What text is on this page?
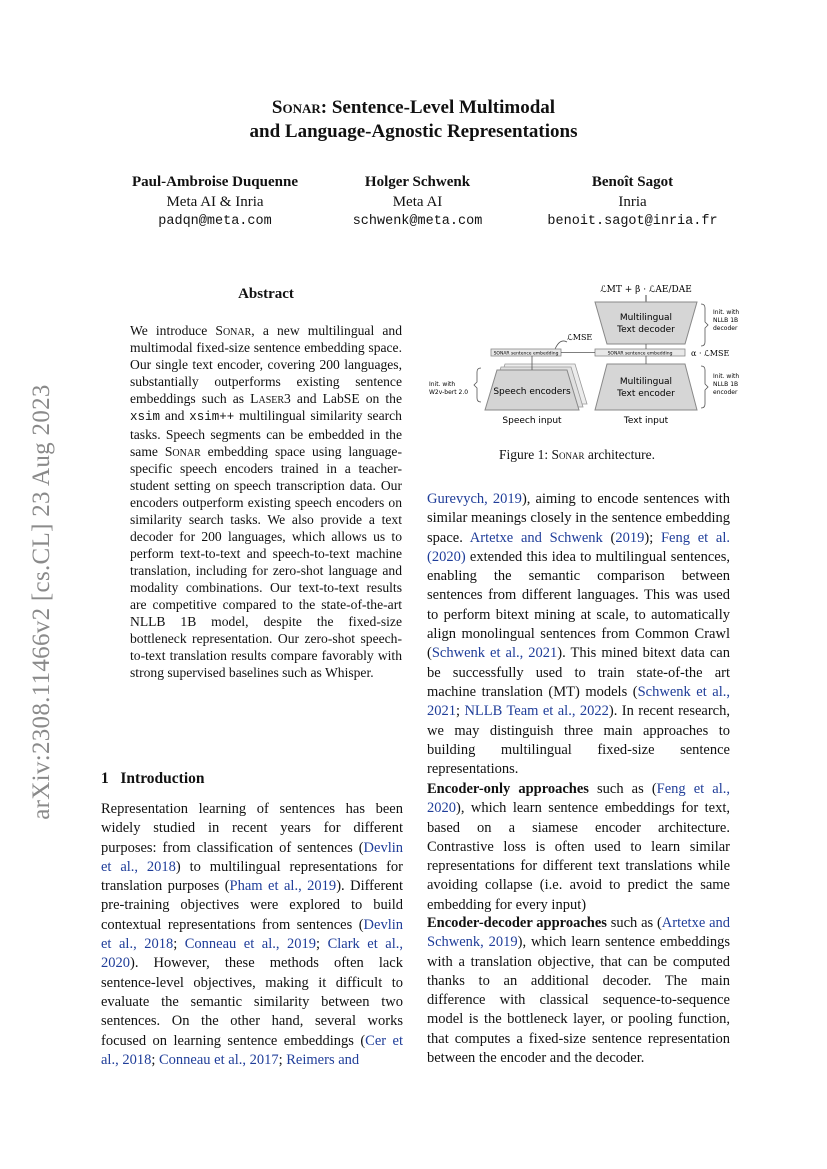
arXiv:2308.11466v2 [cs.CL] 23 Aug 2023
Sonar: Sentence-Level Multimodal
and Language-Agnostic Representations
Paul-Ambroise Duquenne
Meta AI & Inria
padqn@meta.com
Holger Schwenk
Meta AI
schwenk@meta.com
Benoît Sagot
Inria
benoit.sagot@inria.fr
Abstract
We introduce Sonar, a new multilingual and multimodal fixed-size sentence embedding space. Our single text encoder, covering 200 languages, substantially outperforms existing sentence embeddings such as Laser3 and LabSE on the xsim and xsim++ multilingual similarity search tasks. Speech segments can be embedded in the same Sonar embedding space using language-specific speech encoders trained in a teacher-student setting on speech transcription data. Our encoders outperform existing speech encoders on similarity search tasks. We also provide a text decoder for 200 languages, which allows us to perform text-to-text and speech-to-text machine translation, including for zero-shot language and modality combinations. Our text-to-text results are competitive compared to the state-of-the-art NLLB 1B model, despite the fixed-size bottleneck representation. Our zero-shot speech-to-text translation results compare favorably with strong supervised baselines such as Whisper.
1 Introduction
Representation learning of sentences has been widely studied in recent years for different purposes: from classification of sentences (Devlin et al., 2018) to multilingual representations for translation purposes (Pham et al., 2019). Different pre-training objectives were explored to build contextual representations from sentences (Devlin et al., 2018; Conneau et al., 2019; Clark et al., 2020). However, these methods often lack sentence-level objectives, making it difficult to evaluate the semantic similarity between two sentences. On the other hand, several works focused on learning sentence embeddings (Cer et al., 2018; Conneau et al., 2017; Reimers and
ℒMT + β · ℒAE/DAE
Multilingual
Text decoder
Init. with
NLLB 1B
decoder
ℒMSE
SONAR sentence embedding	SONAR sentence embedding α · ℒMSE
Speech encoders
Multilingual
Text encoder
Init. with
W2v-bert 2.0
Init. with
NLLB 1B
encoder
Speech input	Text input
Figure 1: Sonar architecture.
Gurevych, 2019), aiming to encode sentences with similar meanings closely in the sentence embedding space. Artetxe and Schwenk (2019); Feng et al. (2020) extended this idea to multilingual sentences, enabling the semantic comparison between sentences from different languages. This was used to perform bitext mining at scale, to automatically align monolingual sentences from Common Crawl (Schwenk et al., 2021). This mined bitext data can be successfully used to train state-of-the art machine translation (MT) models (Schwenk et al., 2021; NLLB Team et al., 2022). In recent research, we may distinguish three main approaches to building multilingual fixed-size sentence representations.
Encoder-only approaches such as (Feng et al., 2020), which learn sentence embeddings for text, based on a siamese encoder architecture. Contrastive loss is often used to learn similar representations for different text translations while avoiding collapse (i.e. avoid to predict the same embedding for every input)
Encoder-decoder approaches such as (Artetxe and Schwenk, 2019), which learn sentence embeddings with a translation objective, that can be computed thanks to an additional decoder. The main difference with classical sequence-to-sequence model is the bottleneck layer, or pooling function, that computes a fixed-size sentence representation between the encoder and the decoder.
